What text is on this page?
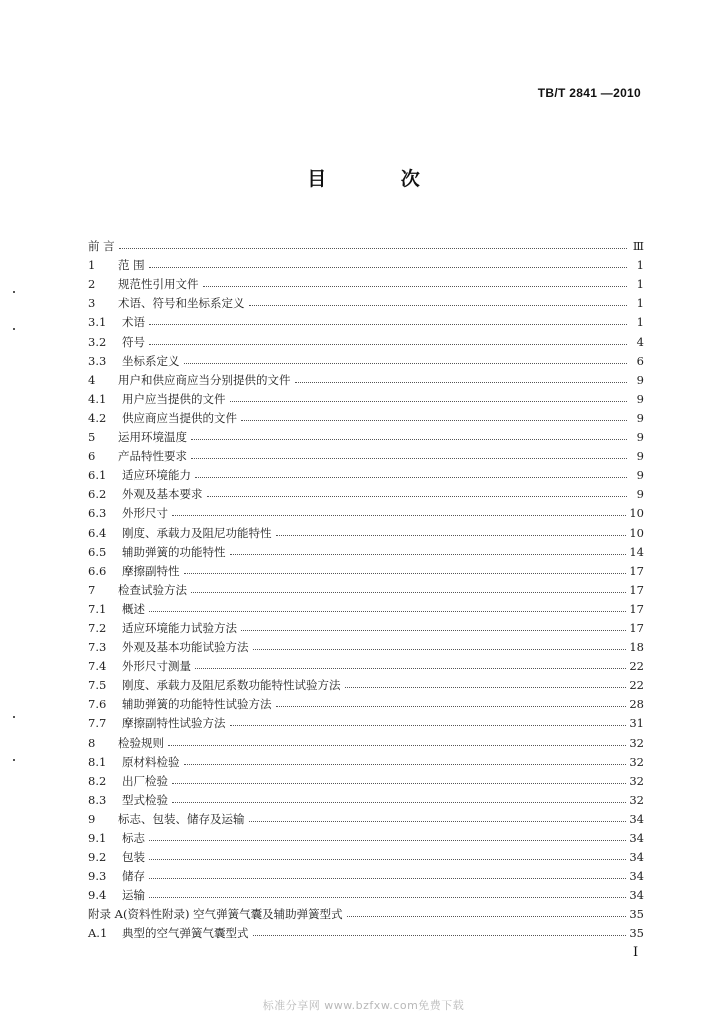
TB/T 2841 —2010
目 次
前 言	Ⅲ
1	范 围	1
2	规范性引用文件	1
3	术语、符号和坐标系定义	1
3.1	术语	1
3.2	符号	4
3.3	坐标系定义	6
4	用户和供应商应当分别提供的文件	9
4.1	用户应当提供的文件	9
4.2	供应商应当提供的文件	9
5	运用环境温度	9
6	产品特性要求	9
6.1	适应环境能力	9
6.2	外观及基本要求	9
6.3	外形尺寸	10
6.4	刚度、承载力及阻尼功能特性	10
6.5	辅助弹簧的功能特性	14
6.6	摩擦副特性	17
7	检查试验方法	17
7.1	概述	17
7.2	适应环境能力试验方法	17
7.3	外观及基本功能试验方法	18
7.4	外形尺寸测量	22
7.5	刚度、承载力及阻尼系数功能特性试验方法	22
7.6	辅助弹簧的功能特性试验方法	28
7.7	摩擦副特性试验方法	31
8	检验规则	32
8.1	原材料检验	32
8.2	出厂检验	32
8.3	型式检验	32
9	标志、包装、储存及运输	34
9.1	标志	34
9.2	包装	34
9.3	储存	34
9.4	运输	34
附录 A(资料性附录) 空气弹簧气囊及辅助弹簧型式	35
A.1	典型的空气弹簧气囊型式	35
Ⅰ
标准分享网 www.bzfxw.com免费下载
